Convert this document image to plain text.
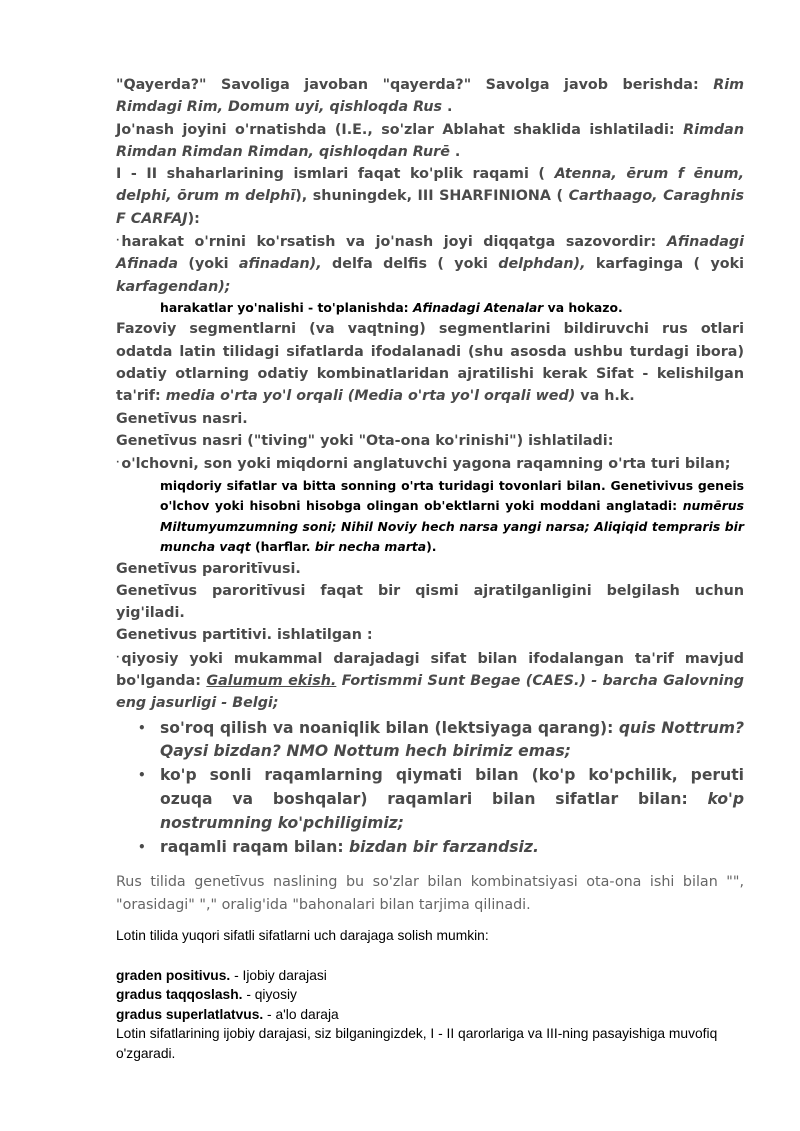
"Qayerda?" Savoliga javoban "qayerda?" Savolga javob berishda: Rim Rimdagi Rim, Domum uyi, qishloqda Rus .

Jo'nash joyini o'rnatishda (I.E., so'zlar Ablahat shaklida ishlatiladi: Rimdan Rimdan Rimdan Rimdan, qishloqdan Rurē .

I - II shaharlarining ismlari faqat ko'plik raqami ( Atenna, ērum f ēnum, delphi, ōrum m delphī), shuningdek, III SHARFINIONA ( Carthaago, Caraghnis F CARFAJ):

· harakat o'rnini ko'rsatish va jo'nash joyi diqqatga sazovordir: Afinadagi Afinada (yoki afinadan), delfa delfis ( yoki delphdan), karfaginga ( yoki karfagendan);

harakatlar yo'nalishi - to'planishda: Afinadagi Atenalar va hokazo.

Fazoviy segmentlarni (va vaqtning) segmentlarini bildiruvchi rus otlari odatda latin tilidagi sifatlarda ifodalanadi (shu asosda ushbu turdagi ibora) odatiy otlarning odatiy kombinatlaridan ajratilishi kerak Sifat - kelishilgan ta'rif: media o'rta yo'l orqali (Media o'rta yo'l orqali wed) va h.k.

Genetīvus nasri.

Genetīvus nasri ("tiving" yoki "Ota-ona ko'rinishi") ishlatiladi:

· o'lchovni, son yoki miqdorni anglatuvchi yagona raqamning o'rta turi bilan;

miqdoriy sifatlar va bitta sonning o'rta turidagi tovonlari bilan. Genetivivus geneis o'lchov yoki hisobni hisobga olingan ob'ektlarni yoki moddani anglatadi: numērus Miltumyumzumning soni; Nihil Noviy hech narsa yangi narsa; Aliqiqid tempraris bir muncha vaqt (harflar. bir necha marta).

Genetīvus paroritīvusi.

Genetīvus paroritīvusi faqat bir qismi ajratilganligini belgilash uchun yig'iladi.

Genetivus partitivi. ishlatilgan :

· qiyosiy yoki mukammal darajadagi sifat bilan ifodalangan ta'rif mavjud bo'lganda: Galumum ekish. Fortismmi Sunt Begae (CAES.) - barcha Galovning eng jasurligi - Belgi;

• so'roq qilish va noaniqlik bilan (lektsiyaga qarang): quis Nottrum? Qaysi bizdan? NMO Nottum hech birimiz emas;
• ko'p sonli raqamlarning qiymati bilan (ko'p ko'pchilik, peruti ozuqa va boshqalar) raqamlari bilan sifatlar bilan: ko'p nostrumning ko'pchiligimiz;
• raqamli raqam bilan: bizdan bir farzandsiz.

Rus tilida genetīvus naslining bu so'zlar bilan kombinatsiyasi ota-ona ishi bilan "", "orasidagi" "," oralig'ida "bahonalari bilan tarjima qilinadi.

Lotin tilida yuqori sifatli sifatlarni uch darajaga solish mumkin:

graden positivus. - Ijobiy darajasi

gradus taqqoslash. - qiyosiy

gradus superlatlatvus. - a'lo daraja

Lotin sifatlarining ijobiy darajasi, siz bilganingizdek, I - II qarorlariga va III-ning pasayishiga muvofiq o'zgaradi.
